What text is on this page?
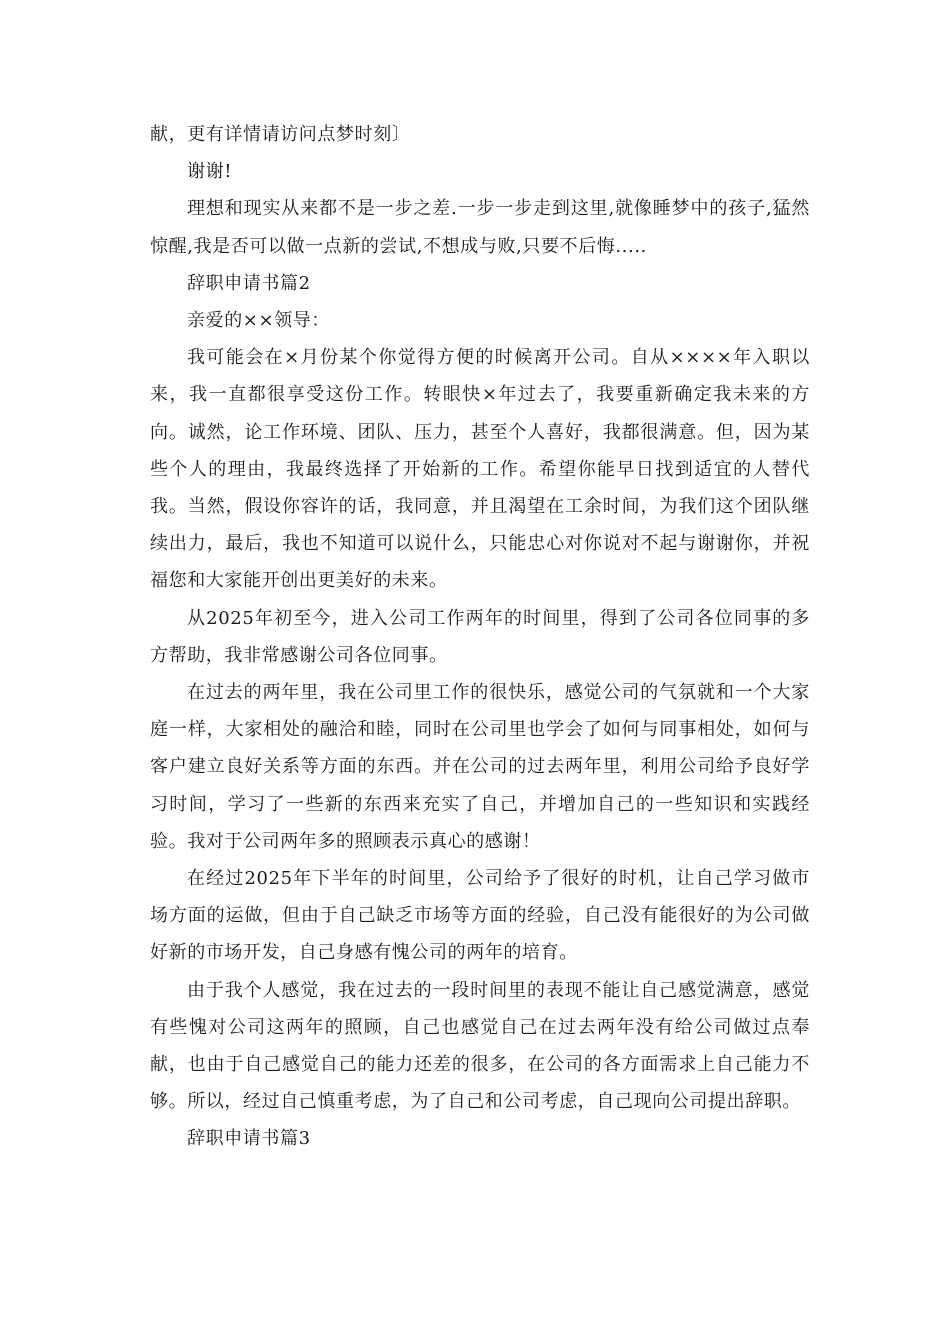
献，更有详情请访问点梦时刻〕

谢谢!

理想和现实从来都不是一步之差.一步一步走到这里,就像睡梦中的孩子,猛然惊醒,我是否可以做一点新的尝试,不想成与败,只要不后悔.....

辞职申请书篇2

亲爱的××领导：

我可能会在×月份某个你觉得方便的时候离开公司。自从××××年入职以来，我一直都很享受这份工作。转眼快×年过去了，我要重新确定我未来的方向。诚然，论工作环境、团队、压力，甚至个人喜好，我都很满意。但，因为某些个人的理由，我最终选择了开始新的工作。希望你能早日找到适宜的人替代我。当然，假设你容许的话，我同意，并且渴望在工余时间，为我们这个团队继续出力，最后，我也不知道可以说什么，只能忠心对你说对不起与谢谢你，并祝福您和大家能开创出更美好的未来。

从2025年初至今，进入公司工作两年的时间里，得到了公司各位同事的多方帮助，我非常感谢公司各位同事。

在过去的两年里，我在公司里工作的很快乐，感觉公司的气氛就和一个大家庭一样，大家相处的融洽和睦，同时在公司里也学会了如何与同事相处，如何与客户建立良好关系等方面的东西。并在公司的过去两年里，利用公司给予良好学习时间，学习了一些新的东西来充实了自己，并增加自己的一些知识和实践经验。我对于公司两年多的照顾表示真心的感谢！

在经过2025年下半年的时间里，公司给予了很好的时机，让自己学习做市场方面的运做，但由于自己缺乏市场等方面的经验，自己没有能很好的为公司做好新的市场开发，自己身感有愧公司的两年的培育。

由于我个人感觉，我在过去的一段时间里的表现不能让自己感觉满意，感觉有些愧对公司这两年的照顾，自己也感觉自己在过去两年没有给公司做过点奉献，也由于自己感觉自己的能力还差的很多，在公司的各方面需求上自己能力不够。所以，经过自己慎重考虑，为了自己和公司考虑，自己现向公司提出辞职。

辞职申请书篇3
